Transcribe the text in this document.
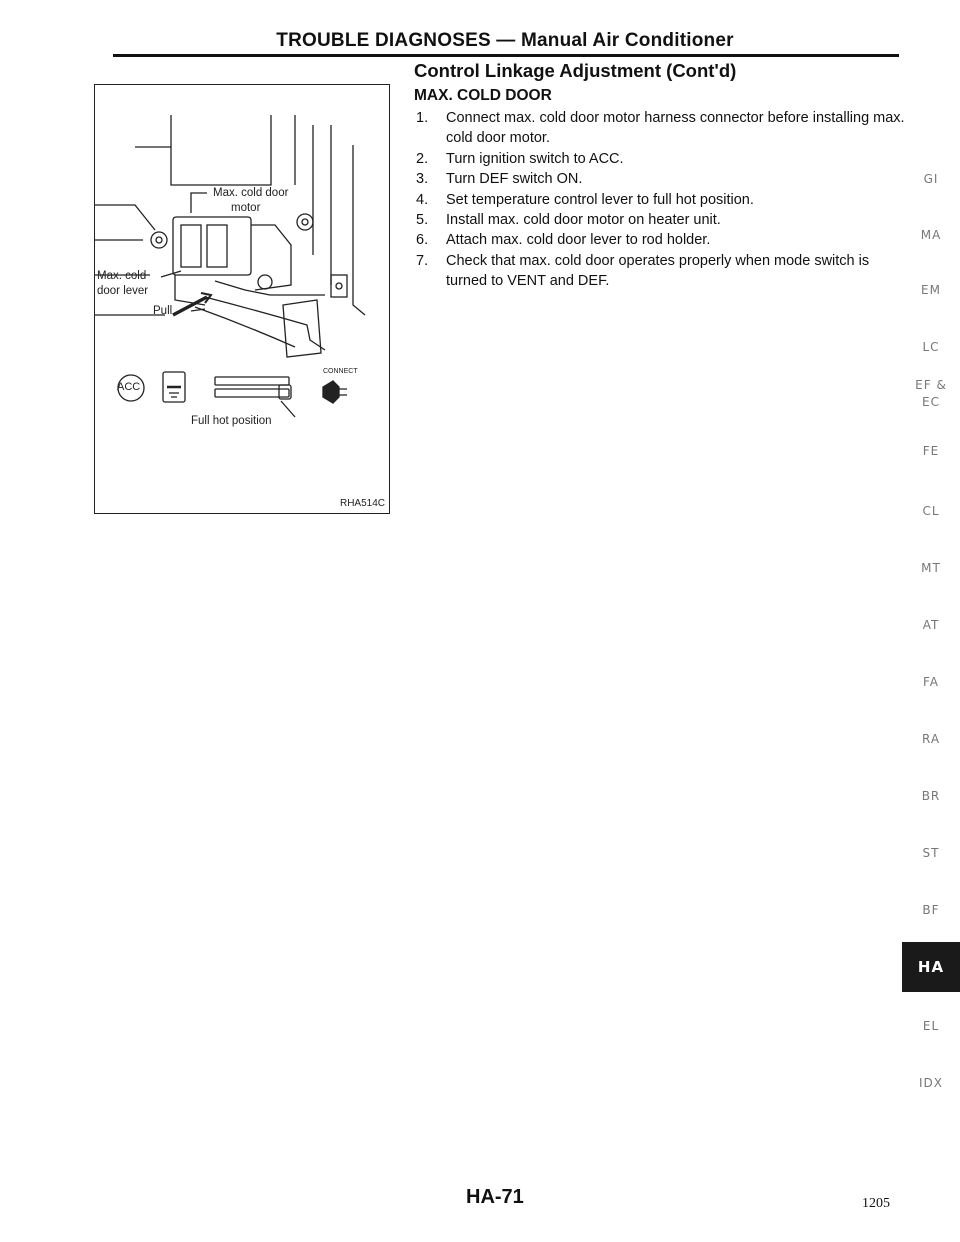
TROUBLE DIAGNOSES — Manual Air Conditioner
Control Linkage Adjustment (Cont'd)
MAX. COLD DOOR
1. Connect max. cold door motor harness connector before installing max. cold door motor.
2. Turn ignition switch to ACC.
3. Turn DEF switch ON.
4. Set temperature control lever to full hot position.
5. Install max. cold door motor on heater unit.
6. Attach max. cold door lever to rod holder.
7. Check that max. cold door operates properly when mode switch is turned to VENT and DEF.
Max. cold door
motor
Max. cold
door lever
Pull
ACC
CONNECT
Full hot position
RHA514C
GI
MA
EM
LC
EF &
EC
FE
CL
MT
AT
FA
RA
BR
ST
BF
HA
EL
IDX
HA-71	1205
